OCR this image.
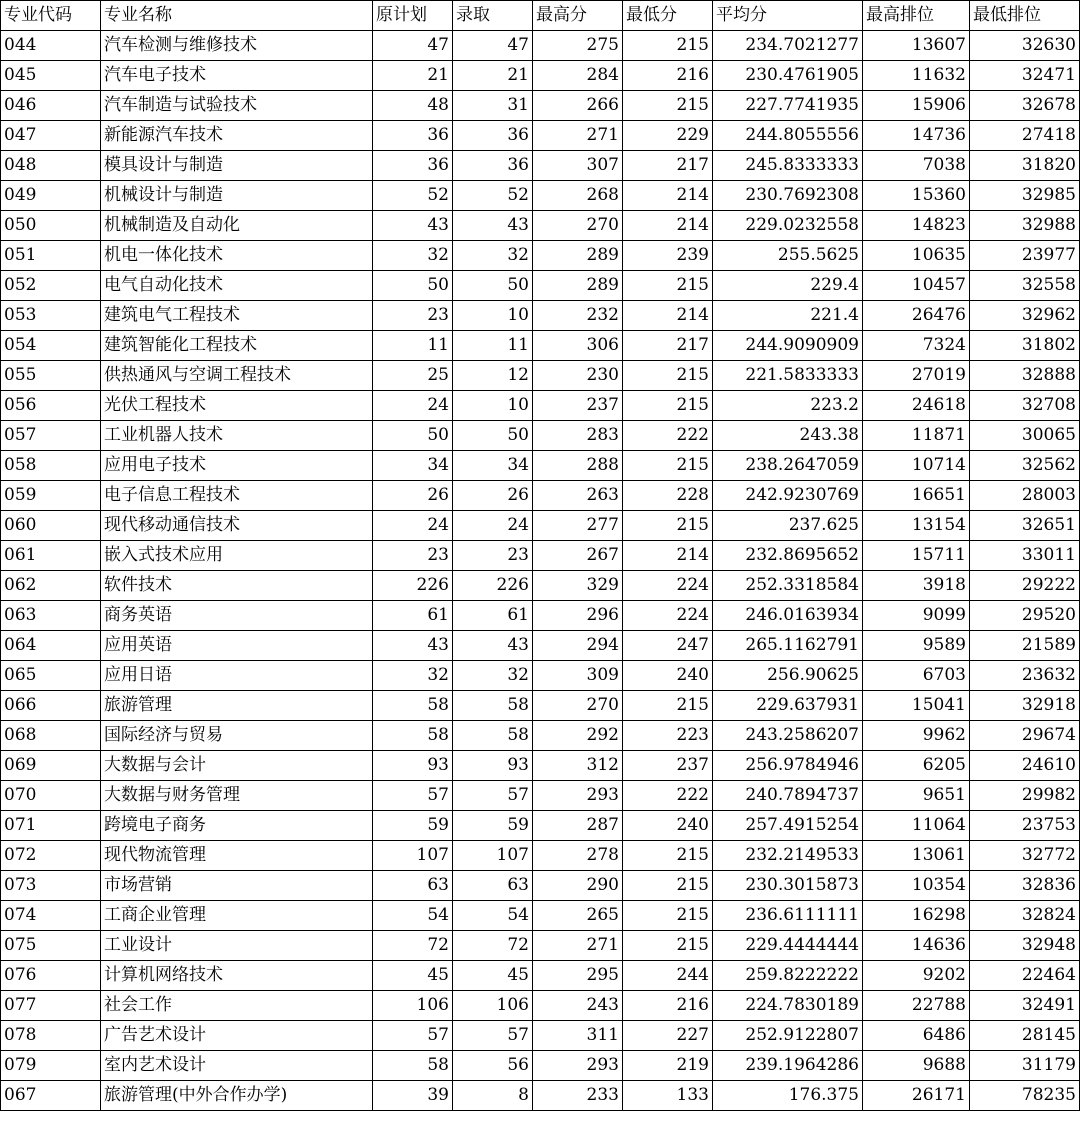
专业代码	专业名称	原计划	录取	最高分	最低分	平均分	最高排位	最低排位
044	汽车检测与维修技术	47	47	275	215	234.7021277	13607	32630
045	汽车电子技术	21	21	284	216	230.4761905	11632	32471
046	汽车制造与试验技术	48	31	266	215	227.7741935	15906	32678
047	新能源汽车技术	36	36	271	229	244.8055556	14736	27418
048	模具设计与制造	36	36	307	217	245.8333333	7038	31820
049	机械设计与制造	52	52	268	214	230.7692308	15360	32985
050	机械制造及自动化	43	43	270	214	229.0232558	14823	32988
051	机电一体化技术	32	32	289	239	255.5625	10635	23977
052	电气自动化技术	50	50	289	215	229.4	10457	32558
053	建筑电气工程技术	23	10	232	214	221.4	26476	32962
054	建筑智能化工程技术	11	11	306	217	244.9090909	7324	31802
055	供热通风与空调工程技术	25	12	230	215	221.5833333	27019	32888
056	光伏工程技术	24	10	237	215	223.2	24618	32708
057	工业机器人技术	50	50	283	222	243.38	11871	30065
058	应用电子技术	34	34	288	215	238.2647059	10714	32562
059	电子信息工程技术	26	26	263	228	242.9230769	16651	28003
060	现代移动通信技术	24	24	277	215	237.625	13154	32651
061	嵌入式技术应用	23	23	267	214	232.8695652	15711	33011
062	软件技术	226	226	329	224	252.3318584	3918	29222
063	商务英语	61	61	296	224	246.0163934	9099	29520
064	应用英语	43	43	294	247	265.1162791	9589	21589
065	应用日语	32	32	309	240	256.90625	6703	23632
066	旅游管理	58	58	270	215	229.637931	15041	32918
068	国际经济与贸易	58	58	292	223	243.2586207	9962	29674
069	大数据与会计	93	93	312	237	256.9784946	6205	24610
070	大数据与财务管理	57	57	293	222	240.7894737	9651	29982
071	跨境电子商务	59	59	287	240	257.4915254	11064	23753
072	现代物流管理	107	107	278	215	232.2149533	13061	32772
073	市场营销	63	63	290	215	230.3015873	10354	32836
074	工商企业管理	54	54	265	215	236.6111111	16298	32824
075	工业设计	72	72	271	215	229.4444444	14636	32948
076	计算机网络技术	45	45	295	244	259.8222222	9202	22464
077	社会工作	106	106	243	216	224.7830189	22788	32491
078	广告艺术设计	57	57	311	227	252.9122807	6486	28145
079	室内艺术设计	58	56	293	219	239.1964286	9688	31179
067	旅游管理(中外合作办学)	39	8	233	133	176.375	26171	78235
